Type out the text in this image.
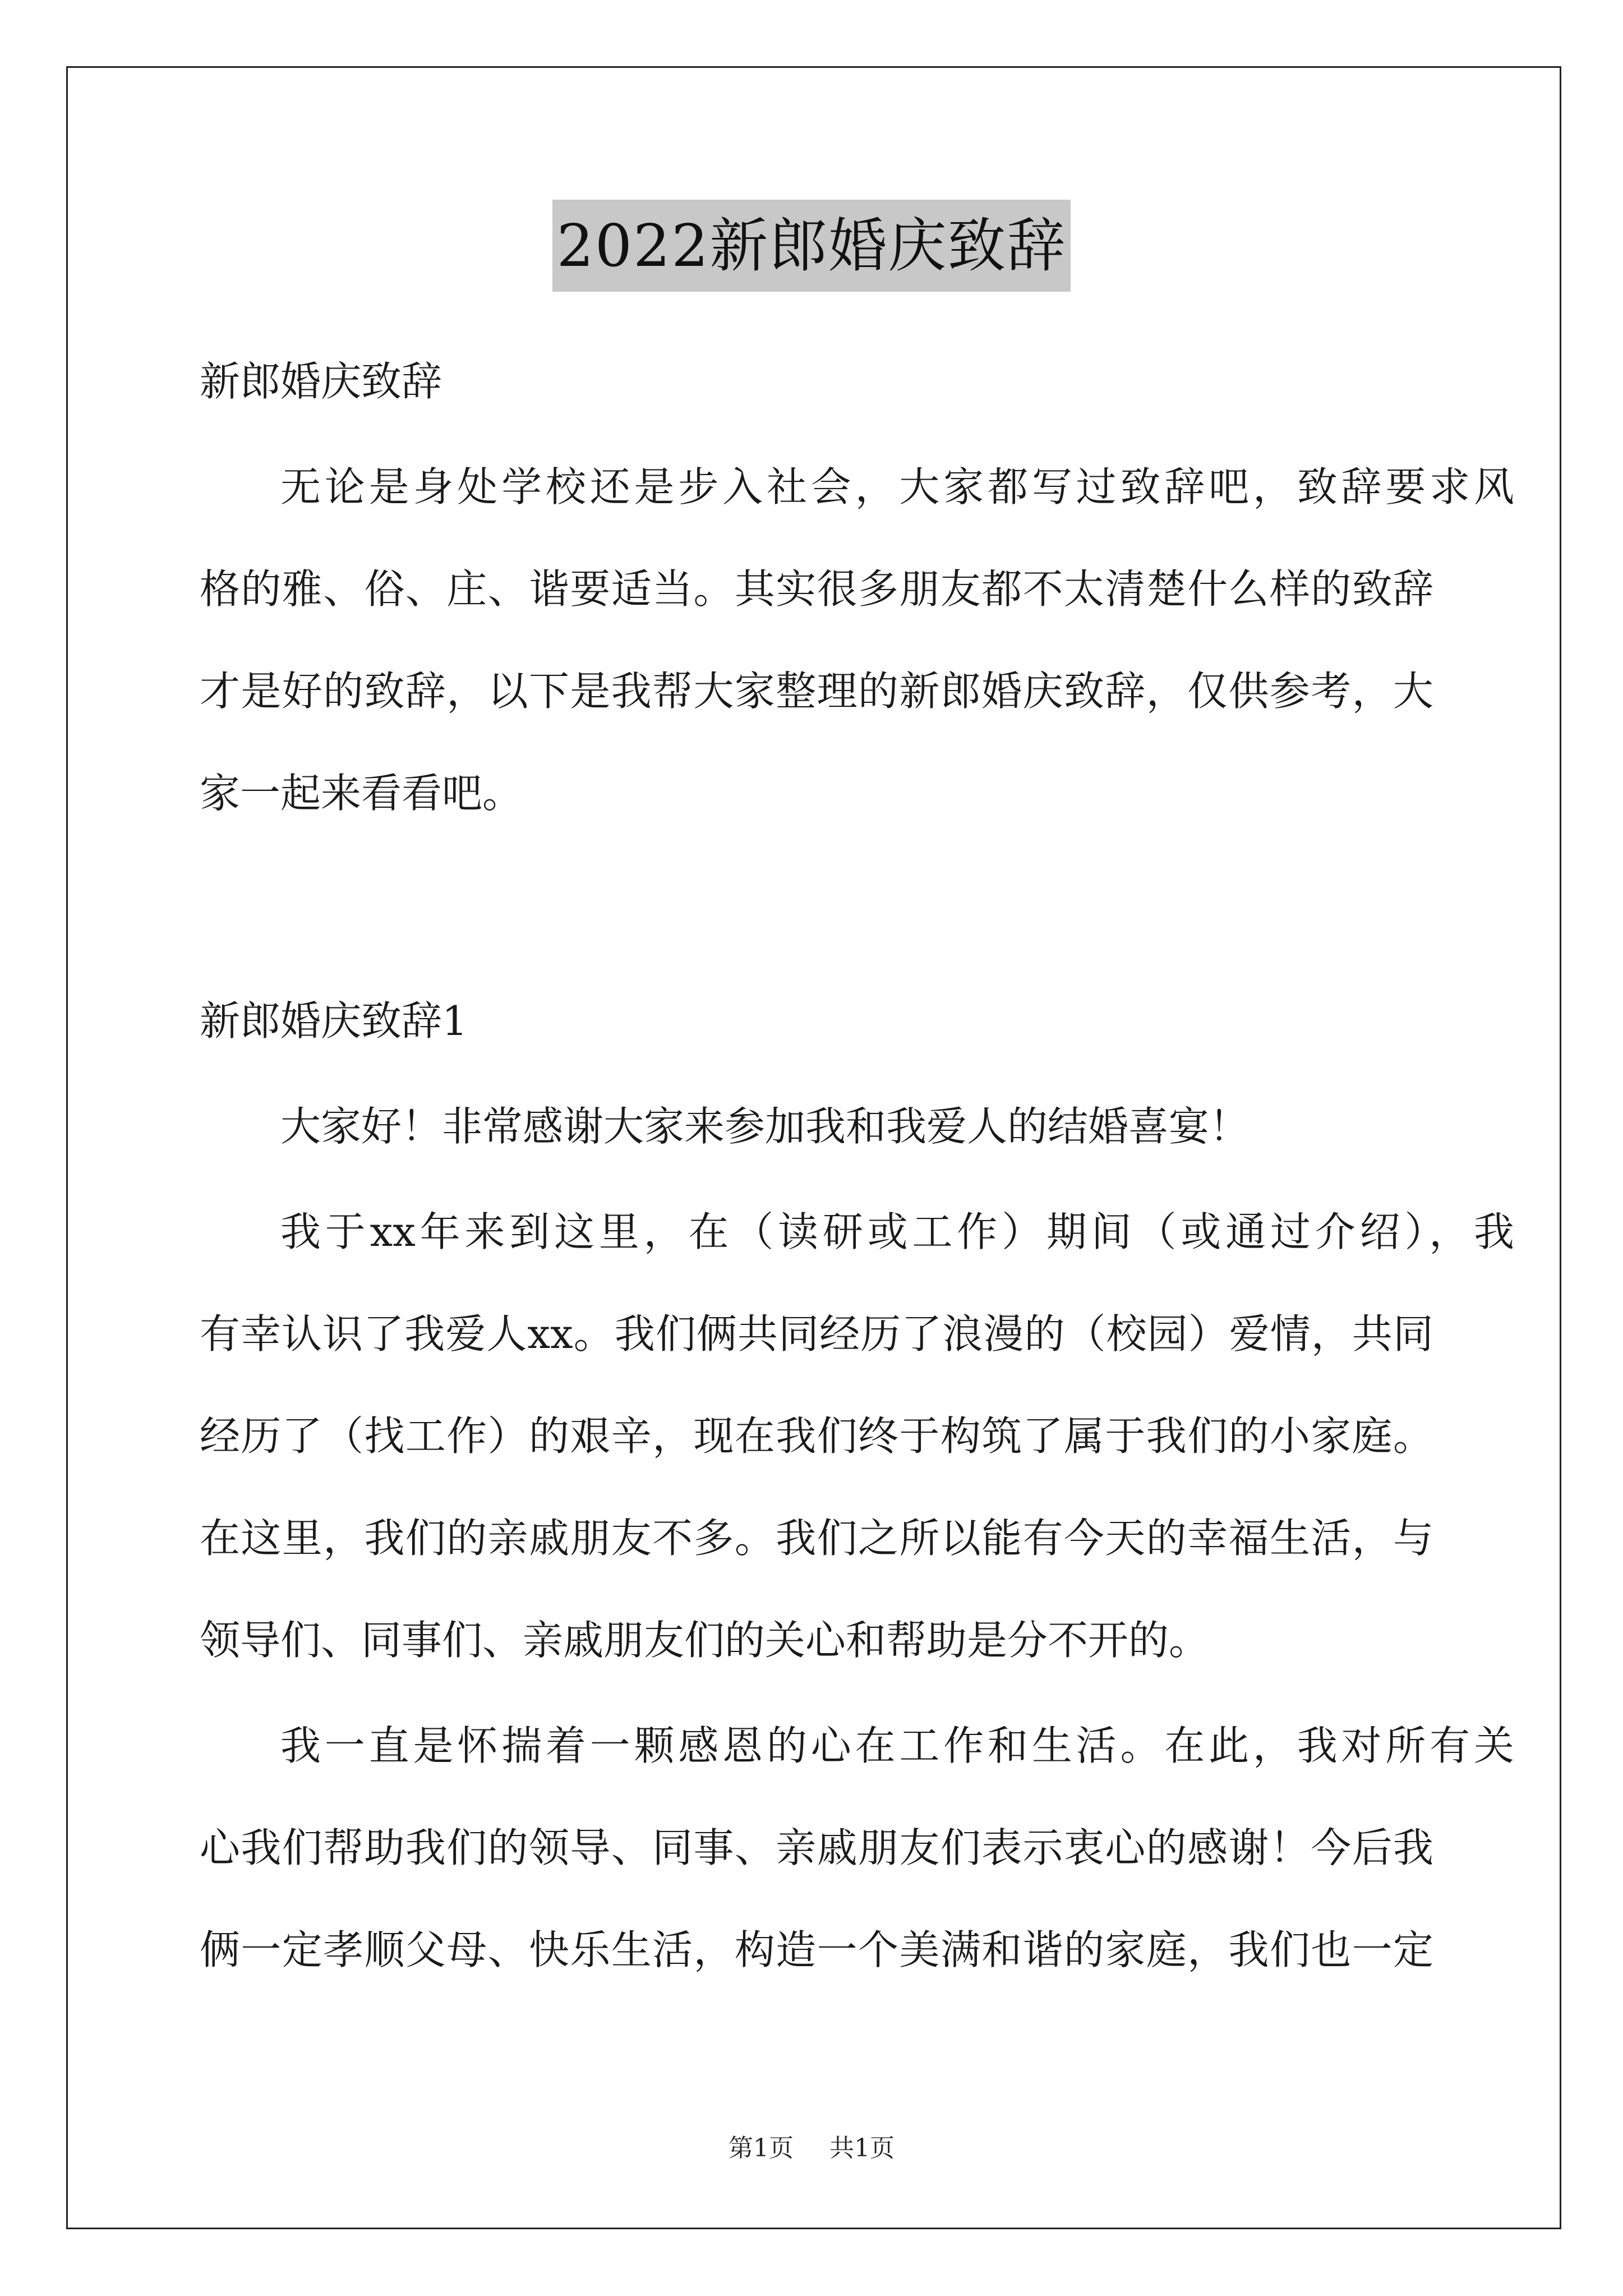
2022新郎婚庆致辞
新郎婚庆致辞
无论是身处学校还是步入社会，大家都写过致辞吧，致辞要求风
格的雅、俗、庄、谐要适当。其实很多朋友都不太清楚什么样的致辞
才是好的致辞，以下是我帮大家整理的新郎婚庆致辞，仅供参考，大
家一起来看看吧。
新郎婚庆致辞1
大家好！非常感谢大家来参加我和我爱人的结婚喜宴！
我于xx年来到这里，在（读研或工作）期间（或通过介绍），我
有幸认识了我爱人xx。我们俩共同经历了浪漫的（校园）爱情，共同
经历了（找工作）的艰辛，现在我们终于构筑了属于我们的小家庭。
在这里，我们的亲戚朋友不多。我们之所以能有今天的幸福生活，与
领导们、同事们、亲戚朋友们的关心和帮助是分不开的。
我一直是怀揣着一颗感恩的心在工作和生活。在此，我对所有关
心我们帮助我们的领导、同事、亲戚朋友们表示衷心的感谢！今后我
俩一定孝顺父母、快乐生活，构造一个美满和谐的家庭，我们也一定
第1页 共1页
